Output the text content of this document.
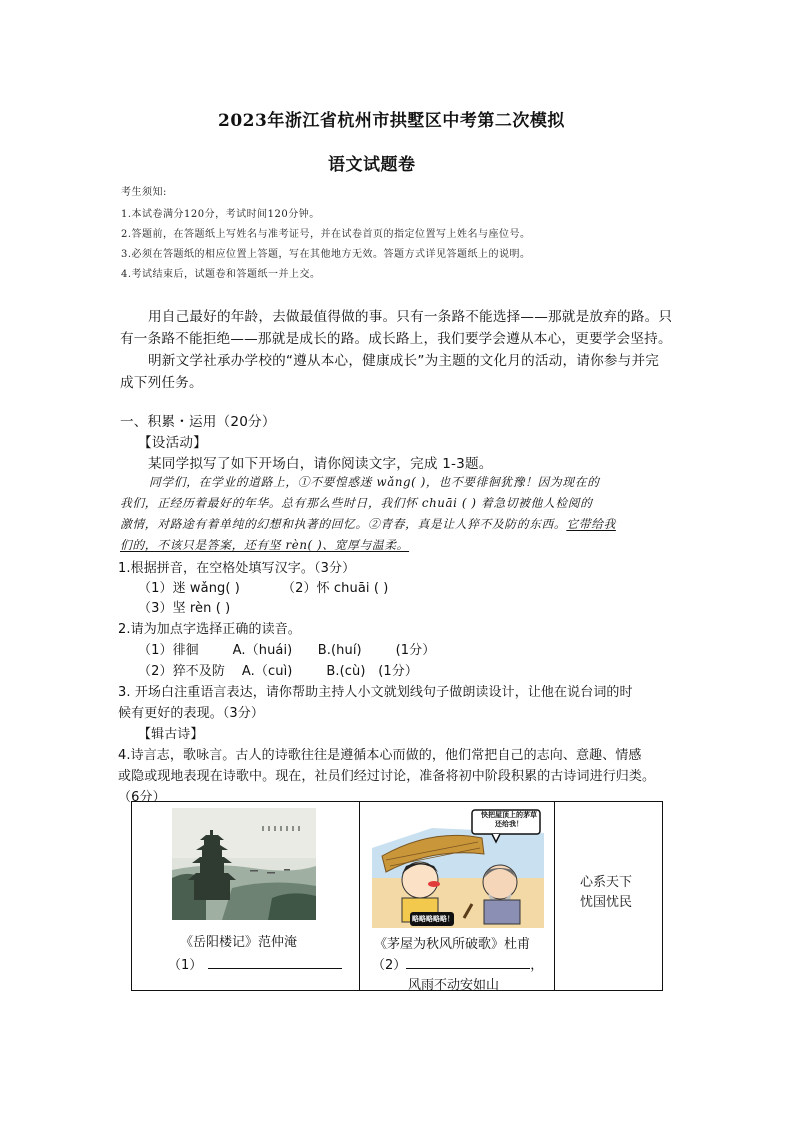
2023年浙江省杭州市拱墅区中考第二次模拟
语文试题卷
考生须知:
1.本试卷满分120分，考试时间120分钟。
2.答题前，在答题纸上写姓名与准考证号，并在试卷首页的指定位置写上姓名与座位号。
3.必须在答题纸的相应位置上答题，写在其他地方无效。答题方式详见答题纸上的说明。
4.考试结束后，试题卷和答题纸一并上交。
用自己最好的年龄，去做最值得做的事。只有一条路不能选择——那就是放弃的路。只
有一条路不能拒绝——那就是成长的路。成长路上，我们要学会遵从本心，更要学会坚持。
明新文学社承办学校的“遵从本心，健康成长”为主题的文化月的活动，请你参与并完
成下列任务。
一、积累・运用（20分）
【设活动】
某同学拟写了如下开场白，请你阅读文字，完成 1-3题。
同学们，在学业的道路上，①不要惶惑迷 wǎng( )，也不要徘徊犹豫！因为现在的
我们，正经历着最好的年华。总有那么些时日，我们怀 chuāi ( ) 着急切被他人检阅的
激情，对路途有着单纯的幻想和执著的回忆。②青春，真是让人猝不及防的东西。它带给我
们的，不该只是答案，还有坚 rèn( )、宽厚与温柔。
1.根据拼音，在空格处填写汉字。（3分）
（1）迷 wǎng( )	（2）怀 chuāi ( )
（3）坚 rèn ( )
2.请为加点字选择正确的读音。
（1）徘徊        A.（huái)      B.(huí)        (1分）
（2）猝不及防    A.（cuì)        B.(cù)   (1分）
3. 开场白注重语言表达，请你帮助主持人小文就划线句子做朗读设计，让他在说台词的时
候有更好的表现。（3分）
【辑古诗】
4.诗言志，歌咏言。古人的诗歌往往是遵循本心而做的，他们常把自己的志向、意趣、情感
或隐或现地表现在诗歌中。现在，社员们经过讨论，准备将初中阶段积累的古诗词进行归类。
（6分）
《岳阳楼记》范仲淹
（1）

快把屋顶上的茅草还给我！
略略略略略！
《茅屋为秋风所破歌》杜甫
（2）	，
风雨不动安如山

心系天下
忧国忧民
